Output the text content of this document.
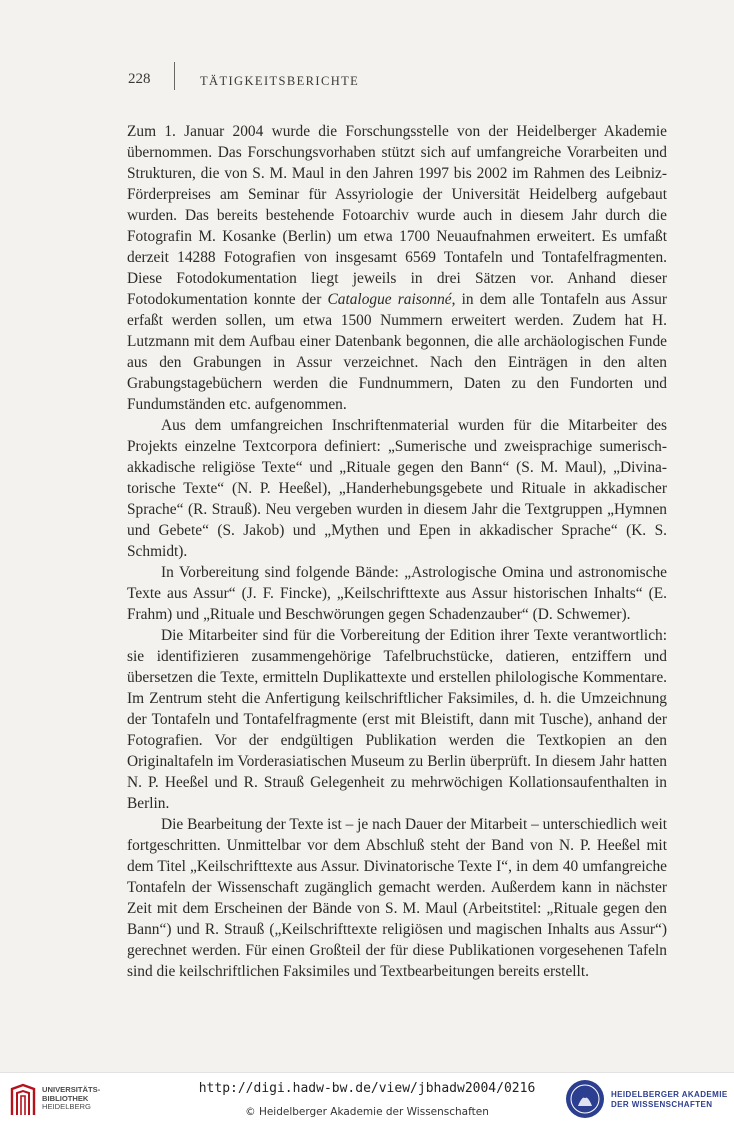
228	TÄTIGKEITSBERICHTE

Zum 1. Januar 2004 wurde die Forschungsstelle von der Heidelberger Akademie übernommen. Das Forschungsvorhaben stützt sich auf umfangreiche Vorarbeiten und Strukturen, die von S. M. Maul in den Jahren 1997 bis 2002 im Rahmen des Leibniz-Förderpreises am Seminar für Assyriologie der Universität Heidelberg aufgebaut wurden. Das bereits bestehende Fotoarchiv wurde auch in diesem Jahr durch die Fotografin M. Kosanke (Berlin) um etwa 1700 Neuaufnahmen erweitert. Es umfaßt derzeit 14288 Fotografien von insgesamt 6569 Tontafeln und Tontafelfragmenten. Diese Fotodokumentation liegt jeweils in drei Sätzen vor. Anhand dieser Fotodokumentation konnte der Catalogue raisonné, in dem alle Tontafeln aus Assur erfaßt werden sollen, um etwa 1500 Nummern erweitert werden. Zudem hat H. Lutzmann mit dem Aufbau einer Datenbank begonnen, die alle archäologischen Funde aus den Grabungen in Assur verzeichnet. Nach den Einträgen in den alten Grabungstagebüchern werden die Fundnummern, Daten zu den Fundorten und Fundumständen etc. aufgenommen.

Aus dem umfangreichen Inschriftenmaterial wurden für die Mitarbeiter des Projekts einzelne Textcorpora definiert: „Sumerische und zweisprachige sumerisch-akkadische religiöse Texte“ und „Rituale gegen den Bann“ (S. M. Maul), „Divinatorische Texte“ (N. P. Heeßel), „Handerhebungsgebete und Rituale in akkadischer Sprache“ (R. Strauß). Neu vergeben wurden in diesem Jahr die Textgruppen „Hymnen und Gebete“ (S. Jakob) und „Mythen und Epen in akkadischer Sprache“ (K. S. Schmidt).

In Vorbereitung sind folgende Bände: „Astrologische Omina und astronomische Texte aus Assur“ (J. F. Fincke), „Keilschrifttexte aus Assur historischen Inhalts“ (E. Frahm) und „Rituale und Beschwörungen gegen Schadenzauber“ (D. Schwemer).

Die Mitarbeiter sind für die Vorbereitung der Edition ihrer Texte verantwortlich: sie identifizieren zusammengehörige Tafelbruchstücke, datieren, entziffern und übersetzen die Texte, ermitteln Duplikattexte und erstellen philologische Kommentare. Im Zentrum steht die Anfertigung keilschriftlicher Faksimiles, d. h. die Umzeichnung der Tontafeln und Tontafelfragmente (erst mit Bleistift, dann mit Tusche), anhand der Fotografien. Vor der endgültigen Publikation werden die Textkopien an den Originaltafeln im Vorderasiatischen Museum zu Berlin überprüft. In diesem Jahr hatten N. P. Heeßel und R. Strauß Gelegenheit zu mehrwöchigen Kollationsaufenthalten in Berlin.

Die Bearbeitung der Texte ist – je nach Dauer der Mitarbeit – unterschiedlich weit fortgeschritten. Unmittelbar vor dem Abschluß steht der Band von N. P. Heeßel mit dem Titel „Keilschrifttexte aus Assur. Divinatorische Texte I“, in dem 40 umfangreiche Tontafeln der Wissenschaft zugänglich gemacht werden. Außerdem kann in nächster Zeit mit dem Erscheinen der Bände von S. M. Maul (Arbeitstitel: „Rituale gegen den Bann“) und R. Strauß („Keilschrifttexte religiösen und magischen Inhalts aus Assur“) gerechnet werden. Für einen Großteil der für diese Publikationen vorgesehenen Tafeln sind die keilschriftlichen Faksimiles und Textbearbeitungen bereits erstellt.

UNIVERSITÄTS-
BIBLIOTHEK
HEIDELBERG
http://digi.hadw-bw.de/view/jbhadw2004/0216
© Heidelberger Akademie der Wissenschaften
HEIDELBERGER AKADEMIE
DER WISSENSCHAFTEN
